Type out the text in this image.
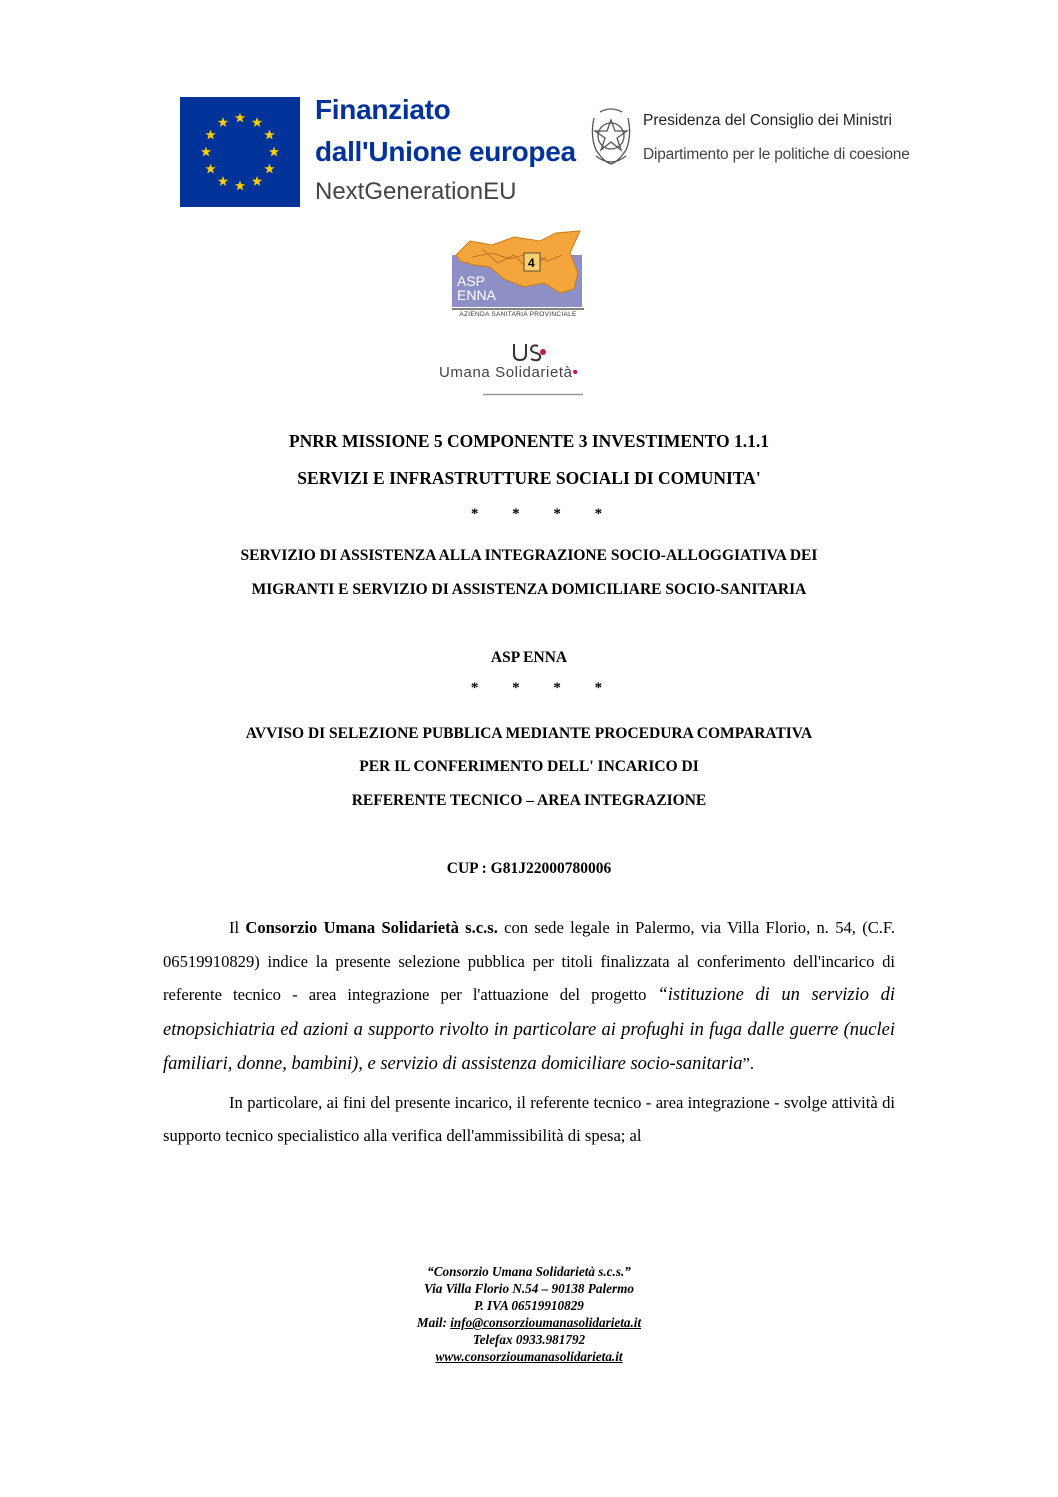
Finanziato
dall'Unione europea
NextGenerationEU
Presidenza del Consiglio dei Ministri
Dipartimento per le politiche di coesione
4
ASP
ENNA
AZIENDA SANITARIA PROVINCIALE
Umana Solidarietà•
PNRR MISSIONE 5 COMPONENTE 3 INVESTIMENTO 1.1.1
SERVIZI E INFRASTRUTTURE SOCIALI DI COMUNITA'
* * * *
SERVIZIO DI ASSISTENZA ALLA INTEGRAZIONE SOCIO-ALLOGGIATIVA DEI
MIGRANTI E SERVIZIO DI ASSISTENZA DOMICILIARE SOCIO-SANITARIA
ASP ENNA
* * * *
AVVISO DI SELEZIONE PUBBLICA MEDIANTE PROCEDURA COMPARATIVA
PER IL CONFERIMENTO DELL' INCARICO DI
REFERENTE TECNICO – AREA INTEGRAZIONE
CUP : G81J22000780006

Il Consorzio Umana Solidarietà s.c.s. con sede legale in Palermo, via Villa Florio, n. 54, (C.F. 06519910829) indice la presente selezione pubblica per titoli finalizzata al conferimento dell'incarico di referente tecnico - area integrazione per l'attuazione del progetto “istituzione di un servizio di etnopsichiatria ed azioni a supporto rivolto in particolare ai profughi in fuga dalle guerre (nuclei familiari, donne, bambini), e servizio di assistenza domiciliare socio-sanitaria”.

In particolare, ai fini del presente incarico, il referente tecnico - area integrazione - svolge attività di supporto tecnico specialistico alla verifica dell'ammissibilità di spesa; al

“Consorzio Umana Solidarietà s.c.s.”
Via Villa Florio N.54 – 90138 Palermo
P. IVA 06519910829
Mail: info@consorzioumanasolidarieta.it
Telefax 0933.981792
www.consorzioumanasolidarieta.it
